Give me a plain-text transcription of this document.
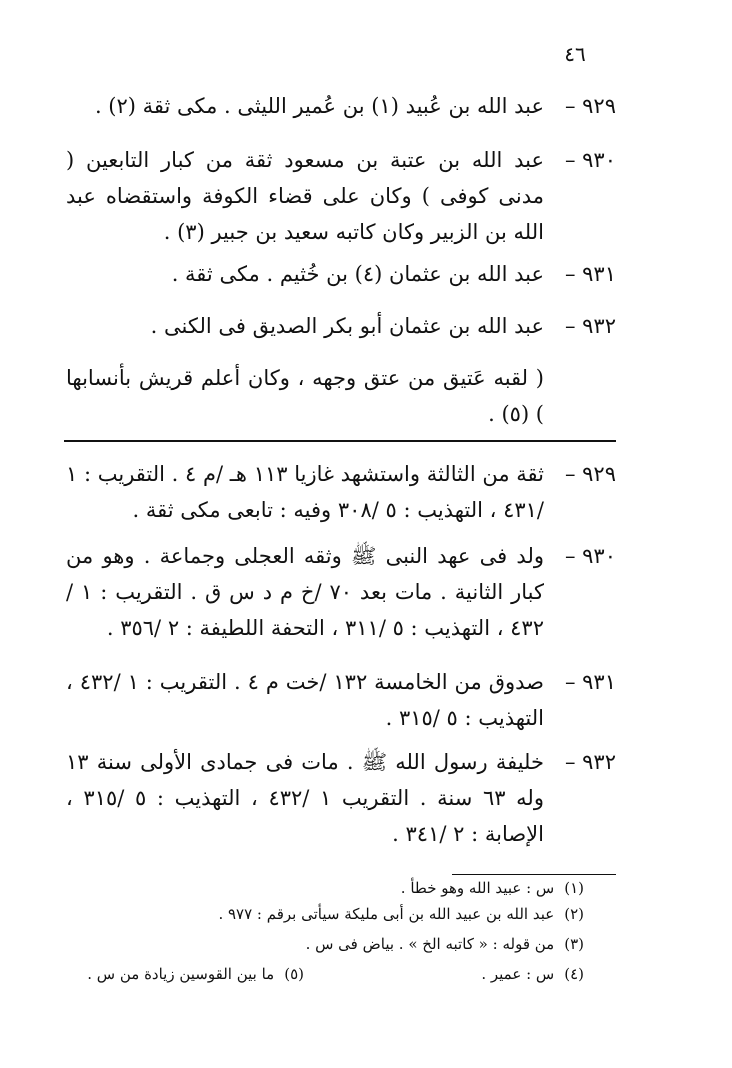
٤٦
٩٢٩ –
عبد الله بن عُبيد (١) بن عُمير الليثى . مكى ثقة (٢) .
٩٣٠ –
عبد الله بن عتبة بن مسعود ثقة من كبار التابعين ( مدنى كوفى ) وكان على قضاء الكوفة واستقضاه عبد الله بن الزبير وكان كاتبه سعيد بن جبير (٣) .
٩٣١ –
عبد الله بن عثمان (٤) بن خُثيم . مكى ثقة .
٩٣٢ –
عبد الله بن عثمان أبو بكر الصديق فى الكنى .
( لقبه عَتيق من عتق وجهه ، وكان أعلم قريش بأنسابها ) (٥) .
٩٢٩ –
ثقة من الثالثة واستشهد غازيا ١١٣ هـ /م ٤ . التقريب : ١ /٤٣١ ، التهذيب : ٥ /٣٠٨ وفيه : تابعى مكى ثقة .
٩٣٠ –
ولد فى عهد النبى ﷺ وثقه العجلى وجماعة . وهو من كبار الثانية . مات بعد ٧٠ /خ م د س ق . التقريب : ١ /٤٣٢ ، التهذيب : ٥ /٣١١ ، التحفة اللطيفة : ٢ /٣٥٦ .
٩٣١ –
صدوق من الخامسة ١٣٢ /خت م ٤ . التقريب : ١ /٤٣٢ ، التهذيب : ٥ /٣١٥ .
٩٣٢ –
خليفة رسول الله ﷺ . مات فى جمادى الأولى سنة ١٣ وله ٦٣ سنة . التقريب ١ /٤٣٢ ، التهذيب : ٥ /٣١٥ ، الإصابة : ٢ /٣٤١ .
(١)س : عبيد الله وهو خطأ .
(٢)عبد الله بن عبيد الله بن أبى مليكة سيأتى برقم : ٩٧٧ .
(٣)من قوله : « كاتبه الخ » . بياض فى س .
(٤)س : عمير .
(٥)ما بين القوسين زيادة من س .
